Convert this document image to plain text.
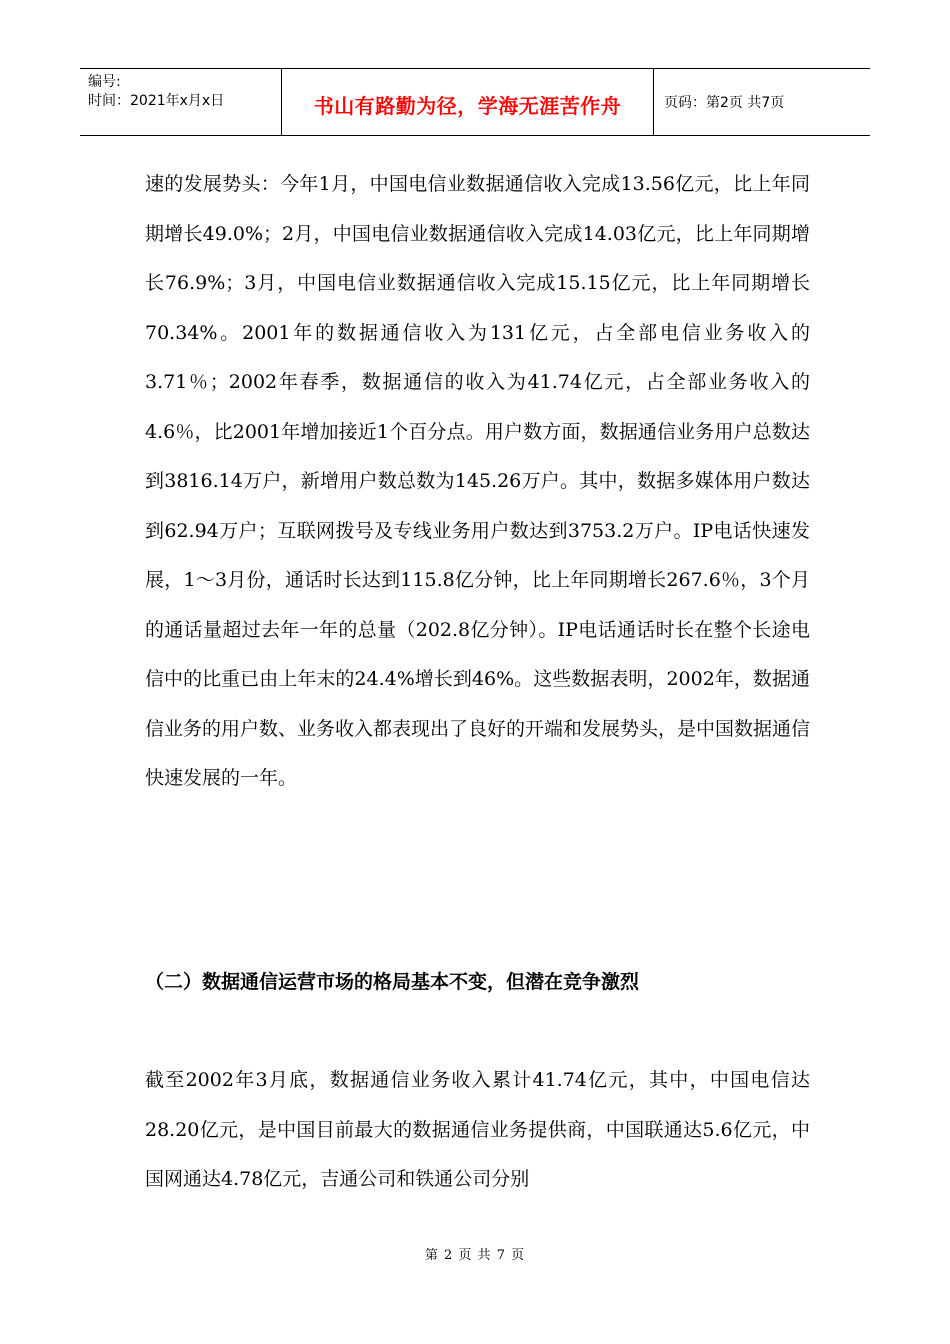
编号:
时间：2021年x月x日	书山有路勤为径，学海无涯苦作舟	页码：第2页 共7页

速的发展势头：今年1月，中国电信业数据通信收入完成13.56亿元，比上年同期增长49.0%；2月，中国电信业数据通信收入完成14.03亿元，比上年同期增长76.9%；3月，中国电信业数据通信收入完成15.15亿元，比上年同期增长70.34%。2001年的数据通信收入为131亿元，占全部电信业务收入的3.71％；2002年春季，数据通信的收入为41.74亿元，占全部业务收入的4.6％，比2001年增加接近1个百分点。用户数方面，数据通信业务用户总数达到3816.14万户，新增用户数总数为145.26万户。其中，数据多媒体用户数达到62.94万户；互联网拨号及专线业务用户数达到3753.2万户。IP电话快速发展，1～3月份，通话时长达到115.8亿分钟，比上年同期增长267.6％，3个月的通话量超过去年一年的总量（202.8亿分钟）。IP电话通话时长在整个长途电信中的比重已由上年末的24.4%增长到46%。这些数据表明，2002年，数据通信业务的用户数、业务收入都表现出了良好的开端和发展势头，是中国数据通信快速发展的一年。

（二）数据通信运营市场的格局基本不变，但潜在竞争激烈

截至2002年3月底，数据通信业务收入累计41.74亿元，其中，中国电信达28.20亿元，是中国目前最大的数据通信业务提供商，中国联通达5.6亿元，中国网通达4.78亿元，吉通公司和铁通公司分别

第 2 页 共 7 页
